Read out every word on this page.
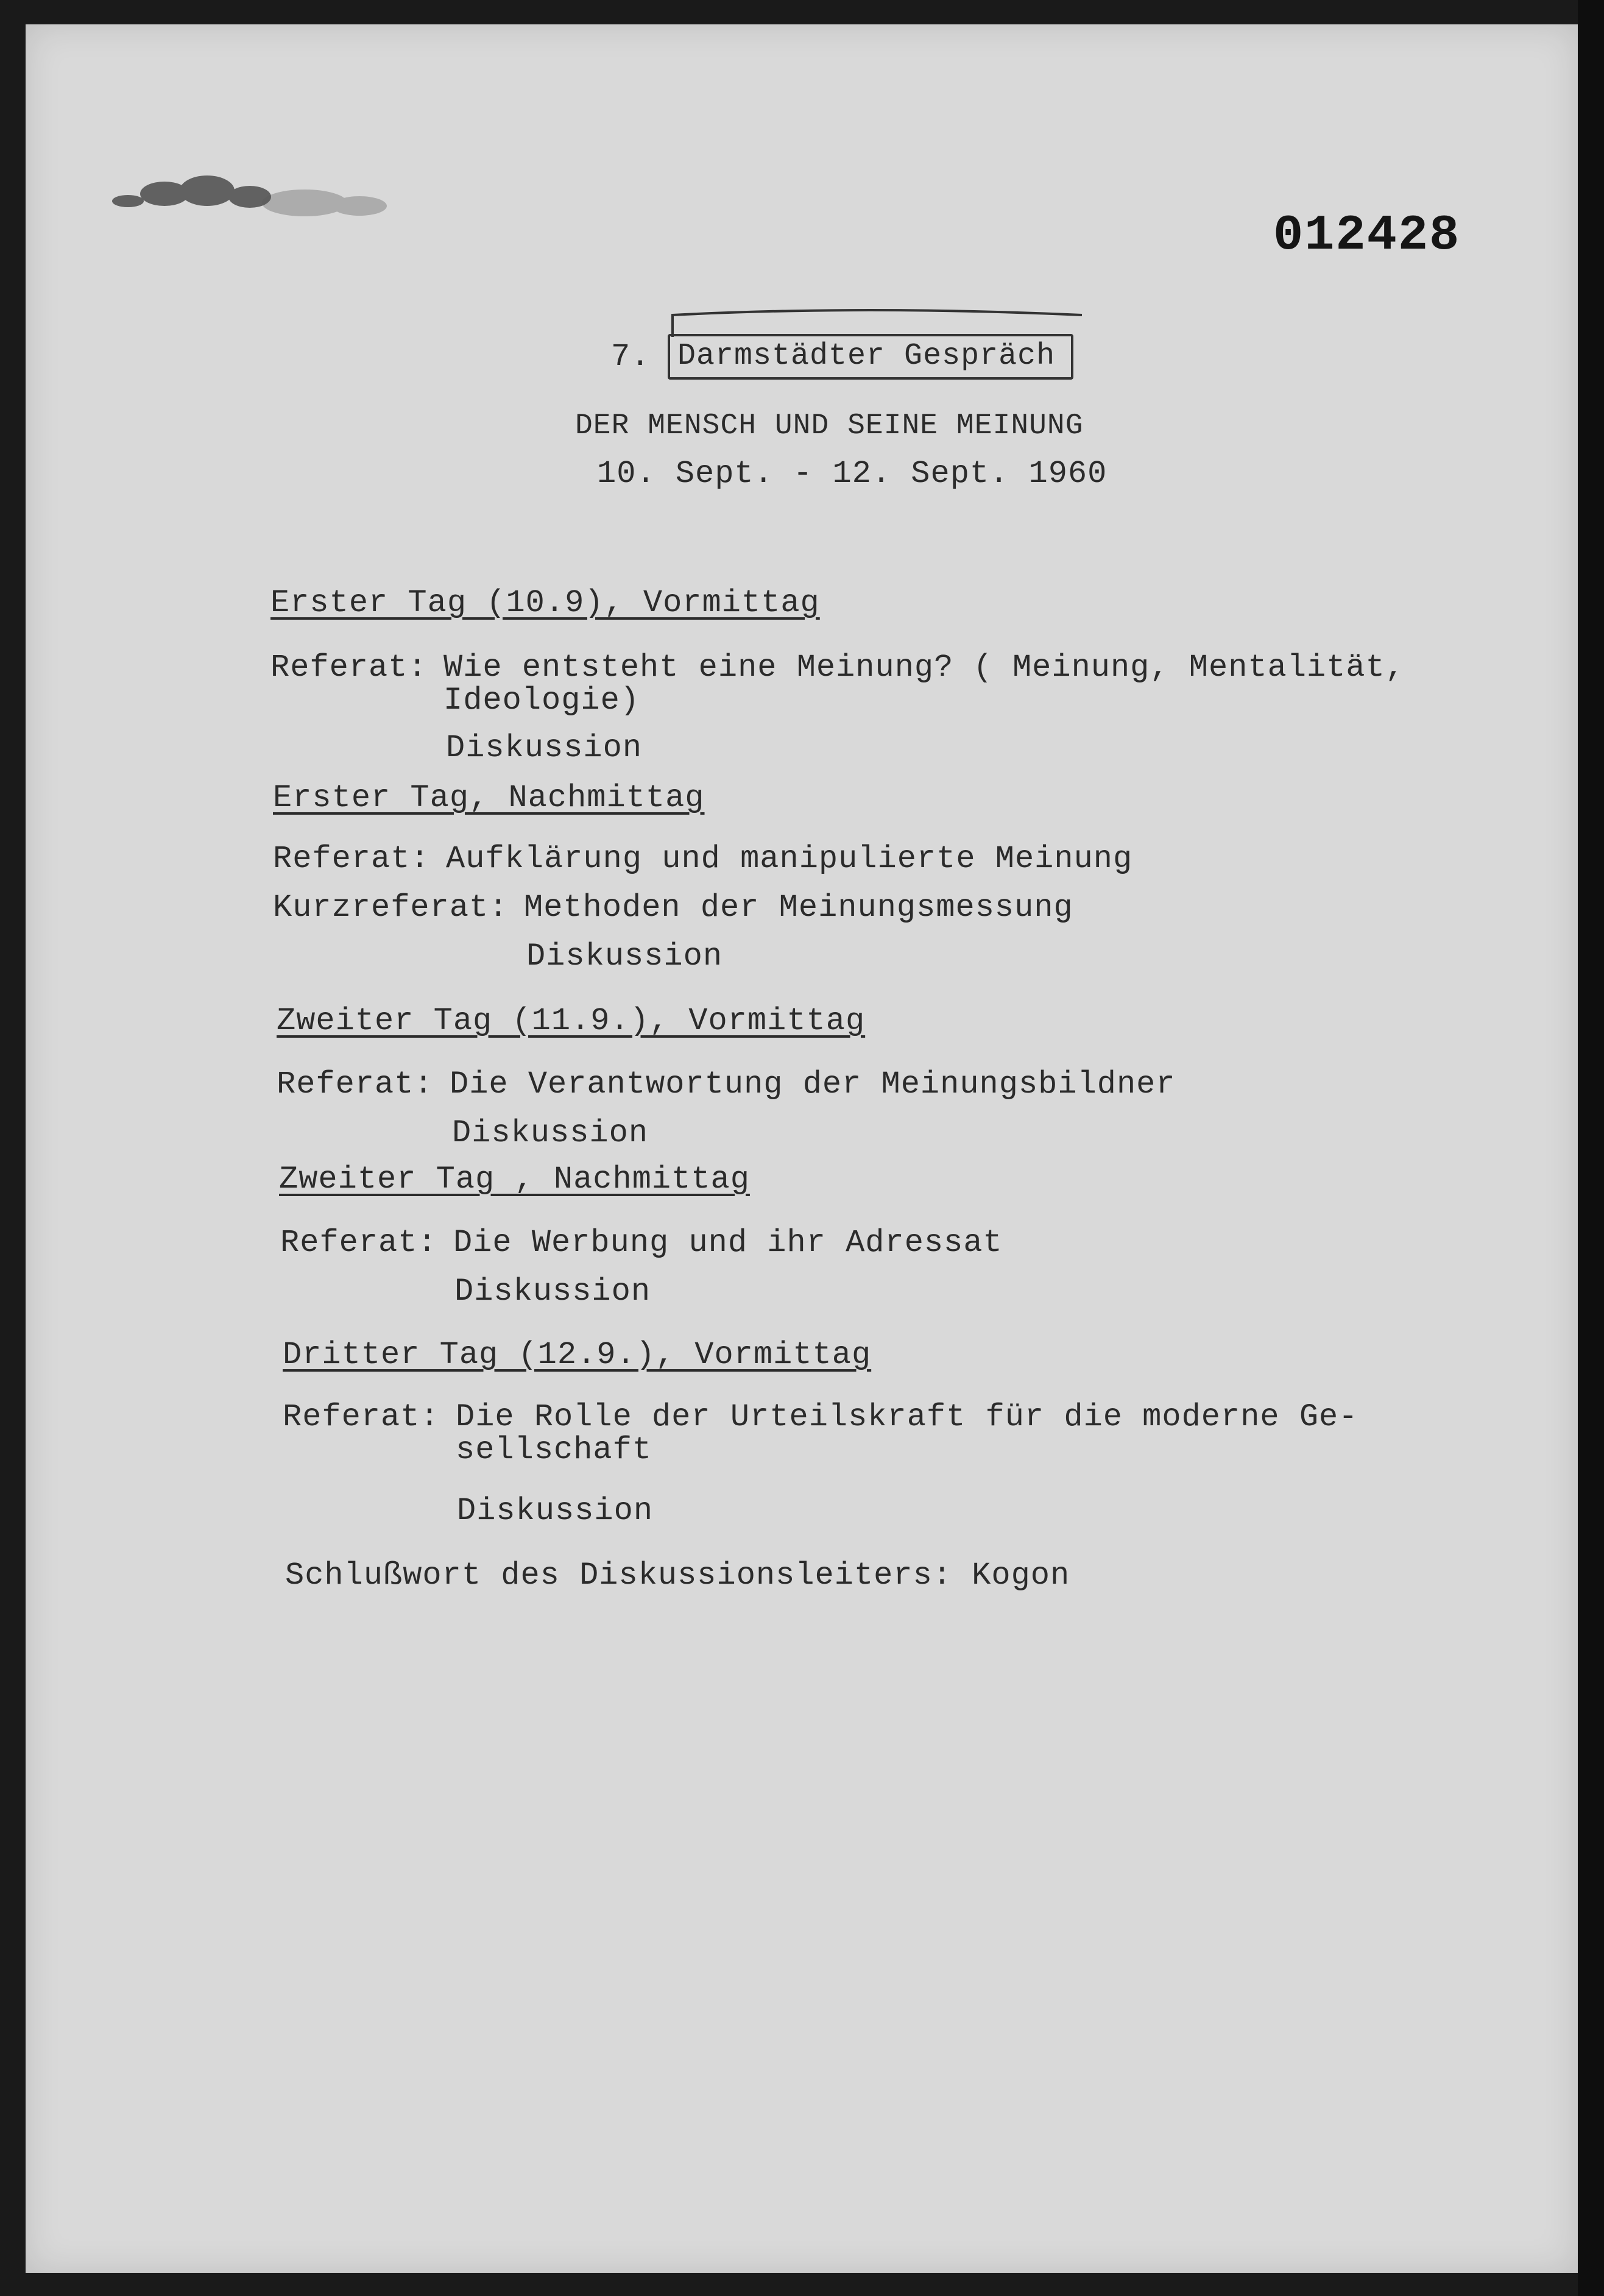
012428
7. Darmstädter Gespräch
DER MENSCH UND SEINE MEINUNG
10. Sept. - 12. Sept. 1960
Erster Tag (10.9), Vormittag
Referat: Wie entsteht eine Meinung? ( Meinung, Mentalität,
Ideologie)
Diskussion
Erster Tag, Nachmittag
Referat: Aufklärung und manipulierte Meinung
Kurzreferat: Methoden der Meinungsmessung
Diskussion
Zweiter Tag (11.9.), Vormittag
Referat: Die Verantwortung der Meinungsbildner
Diskussion
Zweiter Tag , Nachmittag
Referat: Die Werbung und ihr Adressat
Diskussion
Dritter Tag (12.9.), Vormittag
Referat: Die Rolle der Urteilskraft für die moderne Ge-
sellschaft
Diskussion
Schlußwort des Diskussionsleiters: Kogon
